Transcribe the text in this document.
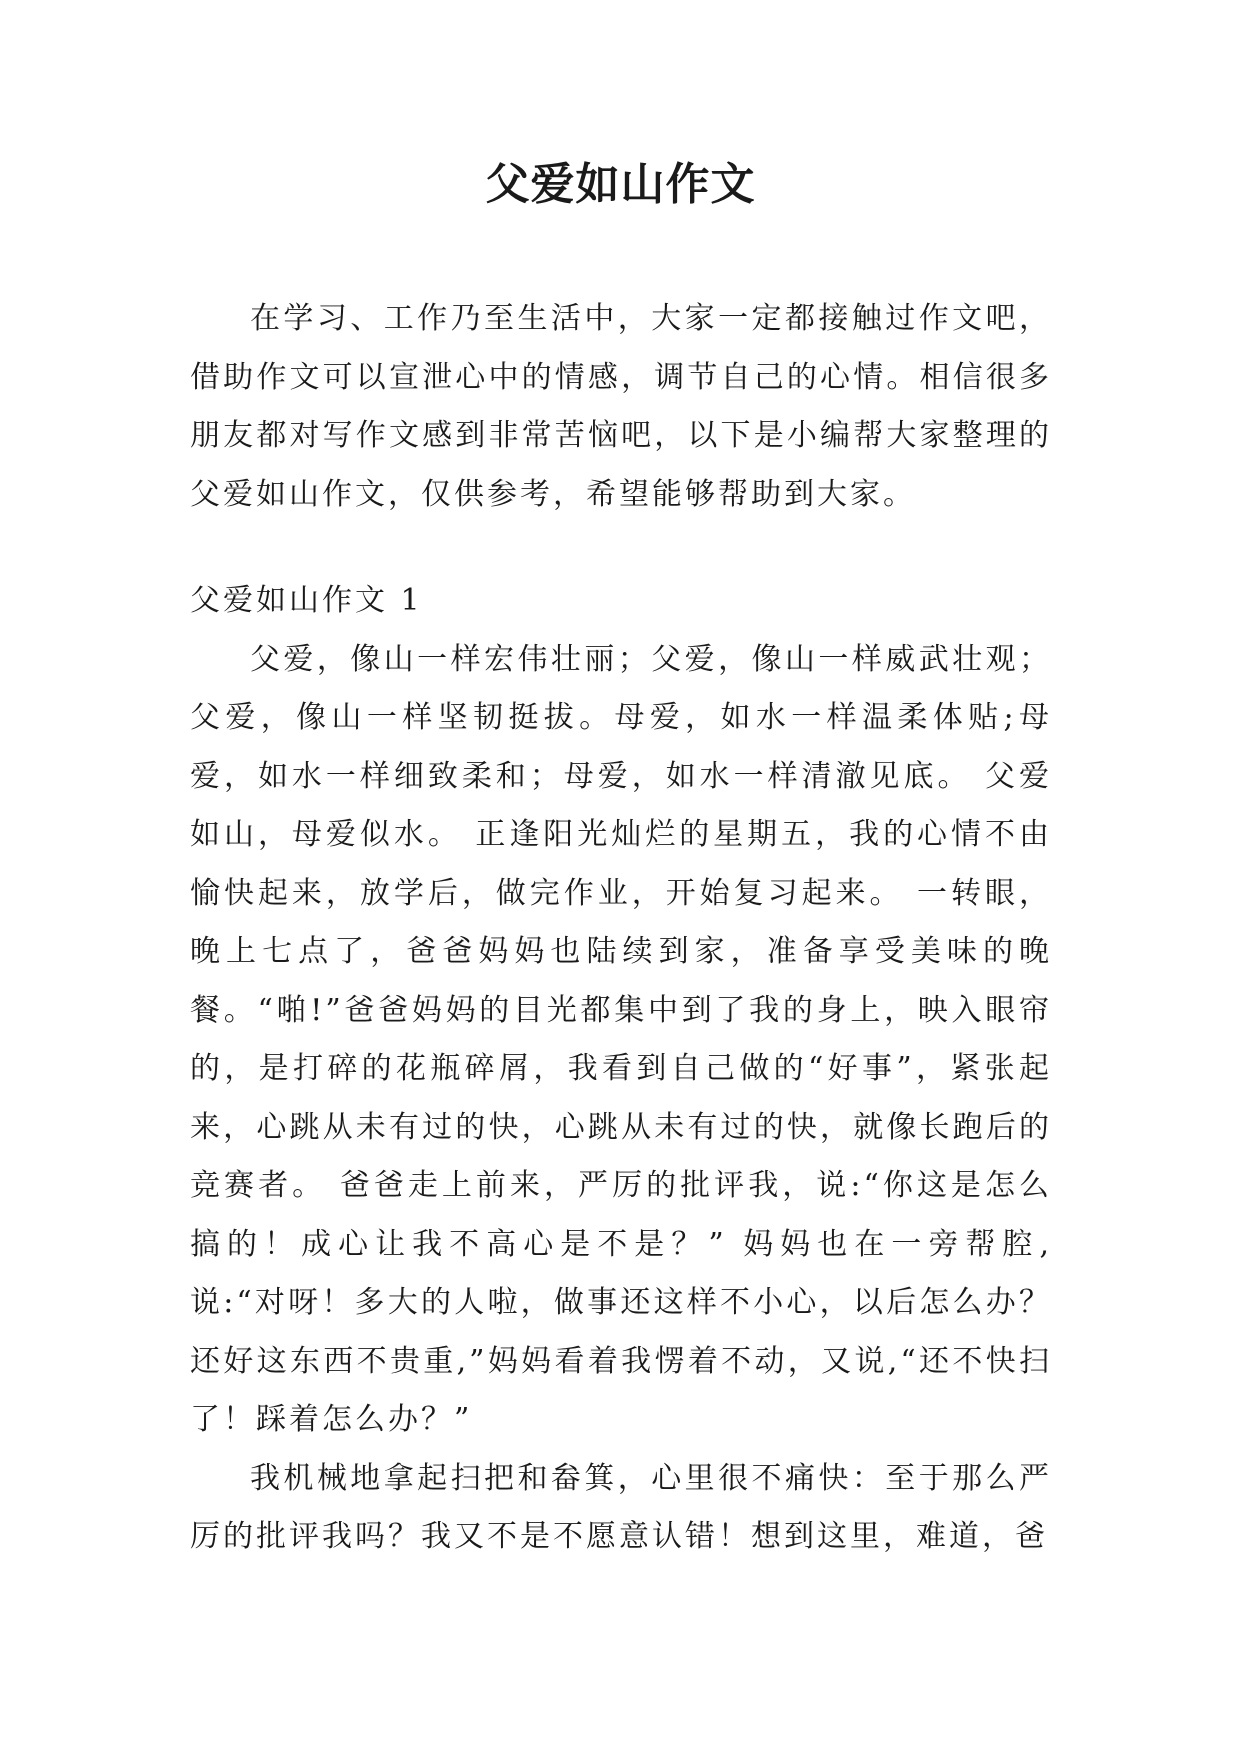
父爱如山作文

在学习、工作乃至生活中，大家一定都接触过作文吧，借助作文可以宣泄心中的情感，调节自己的心情。相信很多朋友都对写作文感到非常苦恼吧，以下是小编帮大家整理的父爱如山作文，仅供参考，希望能够帮助到大家。

父爱如山作文 1

父爱，像山一样宏伟壮丽；父爱，像山一样威武壮观；父爱，像山一样坚韧挺拔。母爱，如水一样温柔体贴;母爱，如水一样细致柔和；母爱，如水一样清澈见底。 父爱如山，母爱似水。 正逢阳光灿烂的星期五，我的心情不由愉快起来，放学后，做完作业，开始复习起来。 一转眼，晚上七点了，爸爸妈妈也陆续到家，准备享受美味的晚餐。“啪!”爸爸妈妈的目光都集中到了我的身上，映入眼帘的，是打碎的花瓶碎屑，我看到自己做的“好事”，紧张起来，心跳从未有过的快，心跳从未有过的快，就像长跑后的竞赛者。 爸爸走上前来，严厉的批评我，说:“你这是怎么搞的！成心让我不高心是不是？” 妈妈也在一旁帮腔,说:“对呀！多大的人啦，做事还这样不小心，以后怎么办？还好这东西不贵重,”妈妈看着我愣着不动，又说,“还不快扫了！踩着怎么办？”

我机械地拿起扫把和畚箕，心里很不痛快：至于那么严厉的批评我吗？我又不是不愿意认错！想到这里，难道，爸
